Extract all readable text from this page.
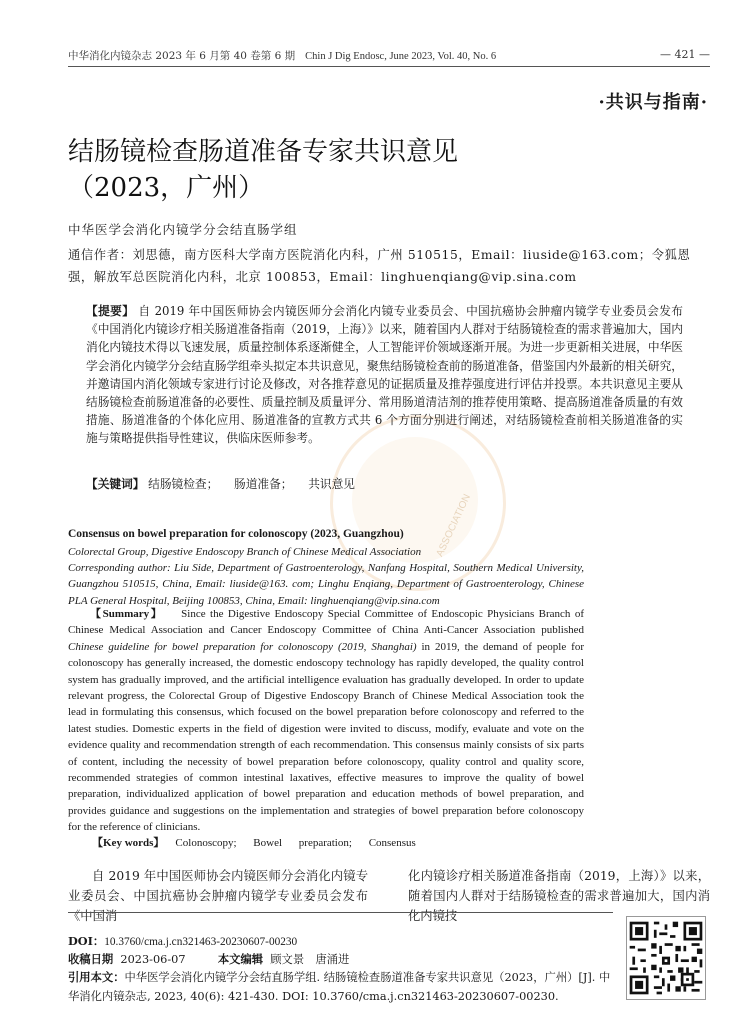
ASSOCIATION
中华消化内镜杂志 2023 年 6 月第 40 卷第 6 期 Chin J Dig Endosc, June 2023, Vol. 40, No. 6	— 421 —
·共识与指南·
结肠镜检查肠道准备专家共识意见
（2023，广州）
中华医学会消化内镜学分会结直肠学组
通信作者：刘思德，南方医科大学南方医院消化内科，广州 510515，Email：liuside@163.com；令狐恩强，解放军总医院消化内科，北京 100853，Email：linghuenqiang@vip.sina.com
【提要】 自 2019 年中国医师协会内镜医师分会消化内镜专业委员会、中国抗癌协会肿瘤内镜学专业委员会发布《中国消化内镜诊疗相关肠道准备指南（2019，上海）》以来，随着国内人群对于结肠镜检查的需求普遍加大，国内消化内镜技术得以飞速发展，质量控制体系逐渐健全，人工智能评价领域逐渐开展。为进一步更新相关进展，中华医学会消化内镜学分会结直肠学组牵头拟定本共识意见，聚焦结肠镜检查前的肠道准备，借鉴国内外最新的相关研究，并邀请国内消化领域专家进行讨论及修改，对各推荐意见的证据质量及推荐强度进行评估并投票。本共识意见主要从结肠镜检查前肠道准备的必要性、质量控制及质量评分、常用肠道清洁剂的推荐使用策略、提高肠道准备质量的有效措施、肠道准备的个体化应用、肠道准备的宣教方式共 6 个方面分别进行阐述，对结肠镜检查前相关肠道准备的实施与策略提供指导性建议，供临床医师参考。
【关键词】 结肠镜检查； 肠道准备； 共识意见
Consensus on bowel preparation for colonoscopy (2023, Guangzhou)
Colorectal Group, Digestive Endoscopy Branch of Chinese Medical Association
Corresponding author: Liu Side, Department of Gastroenterology, Nanfang Hospital, Southern Medical University, Guangzhou 510515, China, Email: liuside@163. com; Linghu Enqiang, Department of Gastroenterology, Chinese PLA General Hospital, Beijing 100853, China, Email: linghuenqiang@vip.sina.com
【Summary】 Since the Digestive Endoscopy Special Committee of Endoscopic Physicians Branch of Chinese Medical Association and Cancer Endoscopy Committee of China Anti-Cancer Association published Chinese guideline for bowel preparation for colonoscopy (2019, Shanghai) in 2019, the demand of people for colonoscopy has generally increased, the domestic endoscopy technology has rapidly developed, the quality control system has gradually improved, and the artificial intelligence evaluation has gradually developed. In order to update relevant progress, the Colorectal Group of Digestive Endoscopy Branch of Chinese Medical Association took the lead in formulating this consensus, which focused on the bowel preparation before colonoscopy and referred to the latest studies. Domestic experts in the field of digestion were invited to discuss, modify, evaluate and vote on the evidence quality and recommendation strength of each recommendation. This consensus mainly consists of six parts of content, including the necessity of bowel preparation before colonoscopy, quality control and quality score, recommended strategies of common intestinal laxatives, effective measures to improve the quality of bowel preparation, individualized application of bowel preparation and education methods of bowel preparation, and provides guidance and suggestions on the implementation and strategies of bowel preparation before colonoscopy for the reference of clinicians.
【Key words】 Colonoscopy; Bowel preparation; Consensus
自 2019 年中国医师协会内镜医师分会消化内镜专业委员会、中国抗癌协会肿瘤内镜学专业委员会发布《中国消
化内镜诊疗相关肠道准备指南（2019，上海）》以来，随着国内人群对于结肠镜检查的需求普遍加大，国内消化内镜技
DOI：10.3760/cma.j.cn321463-20230607-00230
收稿日期 2023-06-07	本文编辑 顾文景　唐涌进
引用本文：中华医学会消化内镜学分会结直肠学组. 结肠镜检查肠道准备专家共识意见（2023，广州）[J]. 中华消化内镜杂志, 2023, 40(6): 421-430. DOI: 10.3760/cma.j.cn321463-20230607-00230.
